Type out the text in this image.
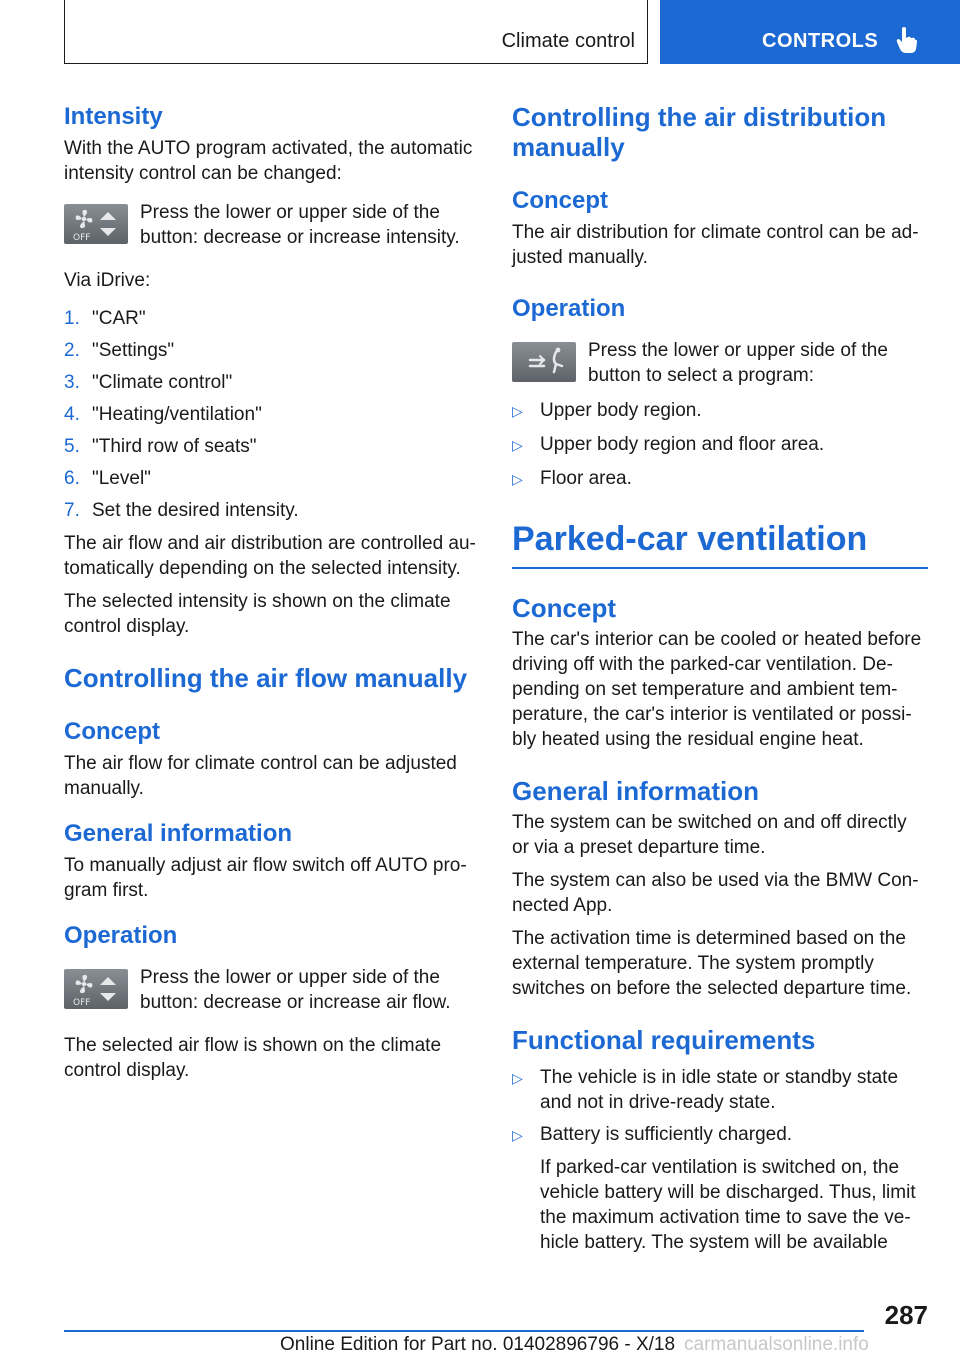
Climate control	CONTROLS
Intensity

With the AUTO program activated, the automatic intensity control can be changed:

OFF

Press the lower or upper side of the button: decrease or increase intensity.

Via iDrive:

1. "CAR"
2. "Settings"
3. "Climate control"
4. "Heating/ventilation"
5. "Third row of seats"
6. "Level"
7. Set the desired intensity.

The air flow and air distribution are controlled au-tomatically depending on the selected intensity.

The selected intensity is shown on the climate control display.

Controlling the air flow manually
Concept

The air flow for climate control can be adjusted manually.

General information

To manually adjust air flow switch off AUTO pro-gram first.

Operation
OFF

Press the lower or upper side of the button: decrease or increase air flow.

The selected air flow is shown on the climate control display.

Controlling the air distribution manually
Concept

The air distribution for climate control can be ad-justed manually.

Operation

Press the lower or upper side of the button to select a program:

▷ Upper body region.
▷ Upper body region and floor area.
▷ Floor area.
Parked-car ventilation
Concept

The car's interior can be cooled or heated before driving off with the parked-car ventilation. De-pending on set temperature and ambient tem-perature, the car's interior is ventilated or possi-bly heated using the residual engine heat.

General information

The system can be switched on and off directly or via a preset departure time.

The system can also be used via the BMW Con-nected App.

The activation time is determined based on the external temperature. The system promptly switches on before the selected departure time.

Functional requirements
▷ The vehicle is in idle state or standby state and not in drive-ready state.
▷ Battery is sufficiently charged.
If parked-car ventilation is switched on, the vehicle battery will be discharged. Thus, limit the maximum activation time to save the ve-hicle battery. The system will be available
287
Online Edition for Part no. 01402896796 - X/18 carmanualsonline.info
